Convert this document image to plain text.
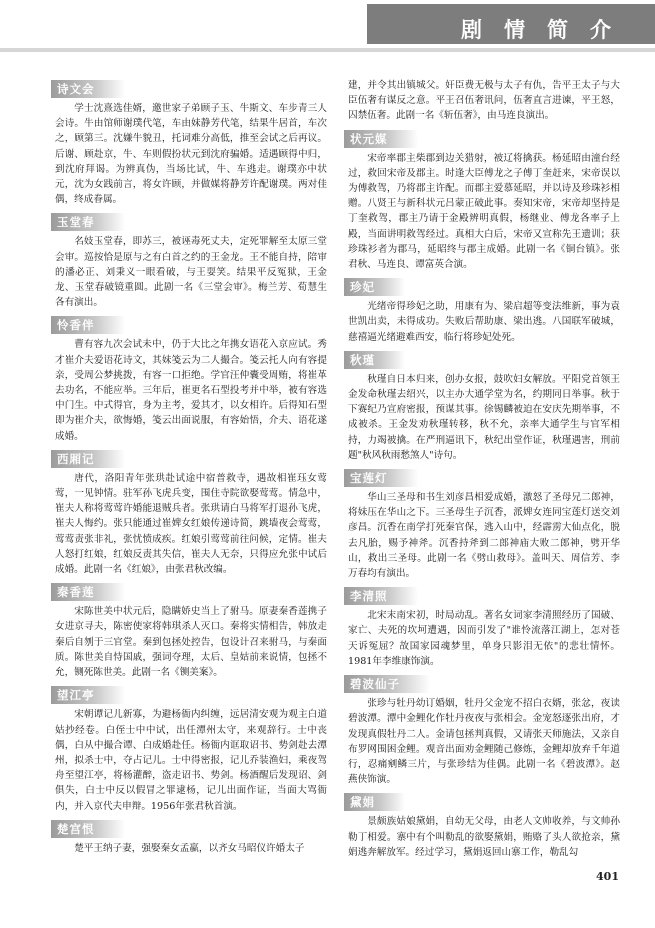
剧情简介
诗文会

学士沈熹选佳婿，邀世家子弟顾子玉、牛斯文、车步青三人会诗。牛由馆师谢璞代笔，车由妹静芳代笔，结果牛居首，车次之，顾第三。沈嫌牛貌丑，托词难分高低，推至会试之后再议。后谢、顾赴京，牛、车则假扮状元到沈府骗婚。适遇顾得中归，到沈府拜谒。为辨真伪，当场比试，牛、车逃走。谢璞亦中状元，沈为女践前言，将女许顾，并做媒将静芳许配谢璞。两对佳偶，终成眷属。

玉堂春

名妓玉堂春，即苏三，被诬毒死丈夫，定死罪解至太原三堂会审。巡按恰是原与之有白首之约的王金龙。王不能自持，陪审的潘必正、刘秉义一眼看破，与王耍笑。结果平反冤狱，王金龙、玉堂春破镜重圆。此剧一名《三堂会审》。梅兰芳、荀慧生各有演出。

怜香伴

曹有容九次会试未中，仍于大比之年携女语花入京应试。秀才崔介夫爱语花诗文，其妹笺云为二人撮合。笺云托人向有容提亲，受周公梦挑拨，有容一口拒绝。学官汪仲囊受周贿，将崔革去功名，不能应举。三年后，崔更名石型投考并中举，被有容选中门生。中式得官，身为主考，爱其才，以女相许。后得知石型即为崔介夫，欲悔婚，笺云出面说服，有容始悟，介夫、语花遂成婚。

西厢记

唐代，洛阳青年张珙赴试途中宿普救寺，遇故相崔珏女莺莺，一见钟情。驻军孙飞虎兵变，围住寺院欲娶莺莺。情急中，崔夫人称将莺莺许婚能退贼兵者。张珙请白马将军打退孙飞虎，崔夫人悔约。张只能通过崔婢女红娘传递诗简，跳墙夜会莺莺，莺莺责张非礼，张忧愤成疾。红娘引莺莺前往问候，定情。崔夫人怒打红娘，红娘反责其失信，崔夫人无奈，只得应允张中试后成婚。此剧一名《红娘》，由张君秋改编。

秦香莲

宋陈世美中状元后，隐瞒娇史当上了驸马。原妻秦香莲携子女进京寻夫，陈密使家将韩琪杀人灭口。秦将实情相告，韩放走秦后自刎于三官堂。秦到包拯处控告，包设计召来驸马，与秦面质。陈世美自恃国戚，强词夺理，太后、皇姑前来说情，包拯不允，铡死陈世美。此剧一名《铡美案》。

望江亭

宋朝谭记儿新寡，为避杨衙内纠缠，远居清安观为观主白道姑抄经卷。白侄士中中试，出任潭州太守，来观辞行。士中丧偶，白从中撮合谭、白成婚赴任。杨衙内诓取诏书、势剑赴去潭州，拟杀士中，夺占记儿。士中得密报，记儿乔装渔妇，乘夜驾舟至望江亭，将杨灌醉，盗走诏书、势剑。杨酒醒后发现诏、剑俱失，白士中反以假冒之罪逮杨，记儿出面作证，当面大骂衙内，并入京代夫申辩。1956年张君秋首演。

楚宫恨

楚平王纳子妻，强娶秦女孟嬴，以齐女马昭仪许婚太子

建，并令其出镇城父。奸臣费无极与太子有仇，告平王太子与大臣伍奢有谋反之意。平王召伍奢讯问，伍奢直言进谏，平王怒，囚禁伍奢。此剧一名《斩伍奢》，由马连良演出。

状元媒

宋帝率郡主柴郡到边关猎射，被辽将擒获。杨延昭由潼台经过，救回宋帝及郡主。时逢大臣傅龙之子傅丁奎赶来，宋帝误以为傅救驾，乃将郡主许配。而郡主爱慕延昭，并以诗及珍珠衫相赠。八贤王与新科状元吕蒙正破此事。奏知宋帝，宋帝却坚持是丁奎救驾，郡主乃请于金殿辨明真假，杨继业、傅龙各率子上殿，当面讲明救驾经过。真相大白后，宋帝又宣称先王遗训；获珍珠衫者为郡马，延昭终与郡主成婚。此剧一名《铜台镇》。张君秋、马连良、谭富英合演。

珍妃

光绪帝得珍妃之助，用康有为、梁启超等变法维新，事为袁世凯出卖，未得成功。失败后帮助康、梁出逃。八国联军破城，慈禧逼光绪避难西安，临行将珍妃处死。

秋瑾

秋瑾自日本归来，创办女报，鼓吹妇女解放。平阳党首领王金发命秋瑾去绍兴，以主办大通学堂为名，约期同日举事。秋于下赛纪乃宣府密报，预谋其事。徐锡麟被迫在安庆先期举事，不成被杀。王金发劝秋瑾转移，秋不允，亲率大通学生与官军相持，力竭被擒。在严刑逼讯下，秋纪出堂作证，秋瑾遇害，刑前题"秋风秋雨愁煞人"诗句。

宝莲灯

华山三圣母和书生刘彦昌相爱成婚，激怒了圣母兄二郎神，将妹压在华山之下。三圣母生子沉香，派婢女连同宝莲灯送交刘彦昌。沉香在南学打死秦官保，逃入山中，经霹雳大仙点化，脱去凡胎，赐予神斧。沉香持斧到二郎神庙大败二郎神，劈开华山，救出三圣母。此剧一名《劈山救母》。盖叫天、周信芳、李万春均有演出。

李清照

北宋末南宋初，时局动乱。著名女词家李清照经历了国破、家亡、夫死的坎坷遭遇，因而引发了"谁怜流落江湖上，怎对苍天诉冤屈？故国家园魂梦里，单身只影泪无依"的悲壮情怀。1981年李维康饰演。

碧波仙子

张珍与牡丹幼订婚姻，牡丹父金宠不招白衣婿，张忿，夜读碧波潭。潭中金鲤化作牡丹夜夜与张相会。金宠怒逐张出府，才发现真假牡丹二人。金请包拯判真假，又请张天师施法，又亲自布罗网围困金鲤。观音出面劝金鲤随己修炼，金鲤却放弃千年道行，忍痛剜鳞三片，与张珍结为佳偶。此剧一名《碧波潭》。赵燕侠饰演。

黛娟

景颇族姑娘黛娟，自幼无父母，由老人文帅收养，与文帅孙勒丁相爱。寨中有个叫勒乱的欲娶黛娟，贿赂了头人欲抢亲，黛娟逃奔解放军。经过学习，黛娟返回山寨工作，勒乱勾

401
